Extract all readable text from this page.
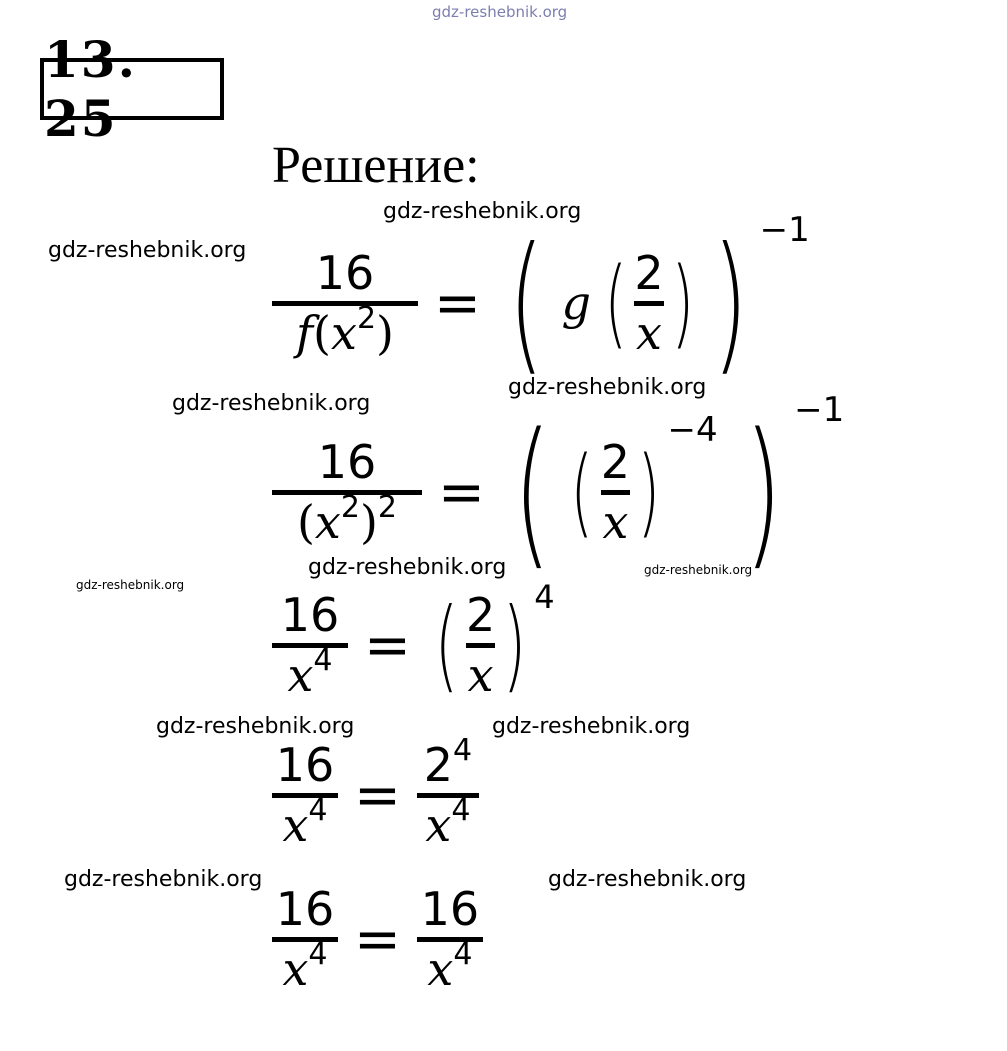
gdz-reshebnik.org
gdz-reshebnik.org
gdz-reshebnik.org
gdz-reshebnik.org
gdz-reshebnik.org
gdz-reshebnik.org	gdz-reshebnik.org
gdz-reshebnik.org
gdz-reshebnik.org	gdz-reshebnik.org
gdz-reshebnik.org	gdz-reshebnik.org
13. 25
Решение:
16
$f(x^2)$ = ( g ( 2
x ) ) $^{-1}$
16
$(x^2)^2$ = ( ( 2
x )
$^{-4}$ ) $^{-1}$
16
$x^4$ = ( 2
x )$^4$
16
$x^4 = 2^4$
$x^4$
16
$x^4 = 16$
$x^4$
